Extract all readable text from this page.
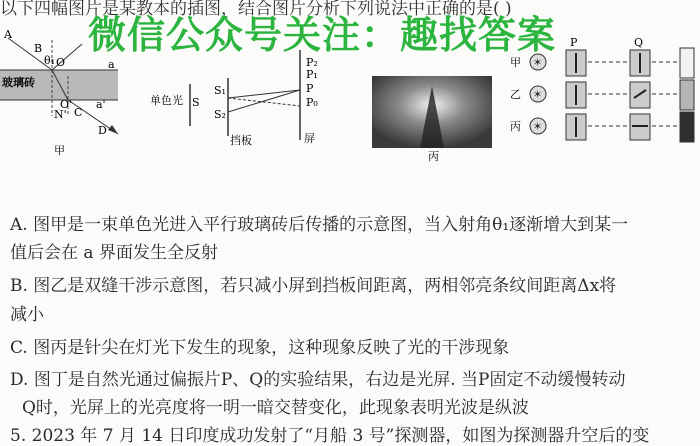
以下四幅图片是某教本的插图，结合图片分析下列说法中正确的是( )
A
B
θ₁ O	a
玻璃砖
O'
C
N'
a'
D
甲
单色光 S
S₁
S₂
P₂
P₁
P
P₀
挡板	屏
丙
甲 ✶
P	Q
乙 ✶
丙 ✶
微信公众号关注：趣找答案
A. 图甲是一束单色光进入平行玻璃砖后传播的示意图，当入射角θ₁逐渐增大到某一
值后会在 a 界面发生全反射
B. 图乙是双缝干涉示意图，若只减小屏到挡板间距离，两相邻亮条纹间距离Δx将
减小
C. 图丙是针尖在灯光下发生的现象，这种现象反映了光的干涉现象
D. 图丁是自然光通过偏振片P、Q的实验结果，右边是光屏. 当P固定不动缓慢转动
Q时，光屏上的光亮度将一明一暗交替变化，此现象表明光波是纵波
5. 2023 年 7 月 14 日印度成功发射了“月船 3 号”探测器，如图为探测器升空后的变
